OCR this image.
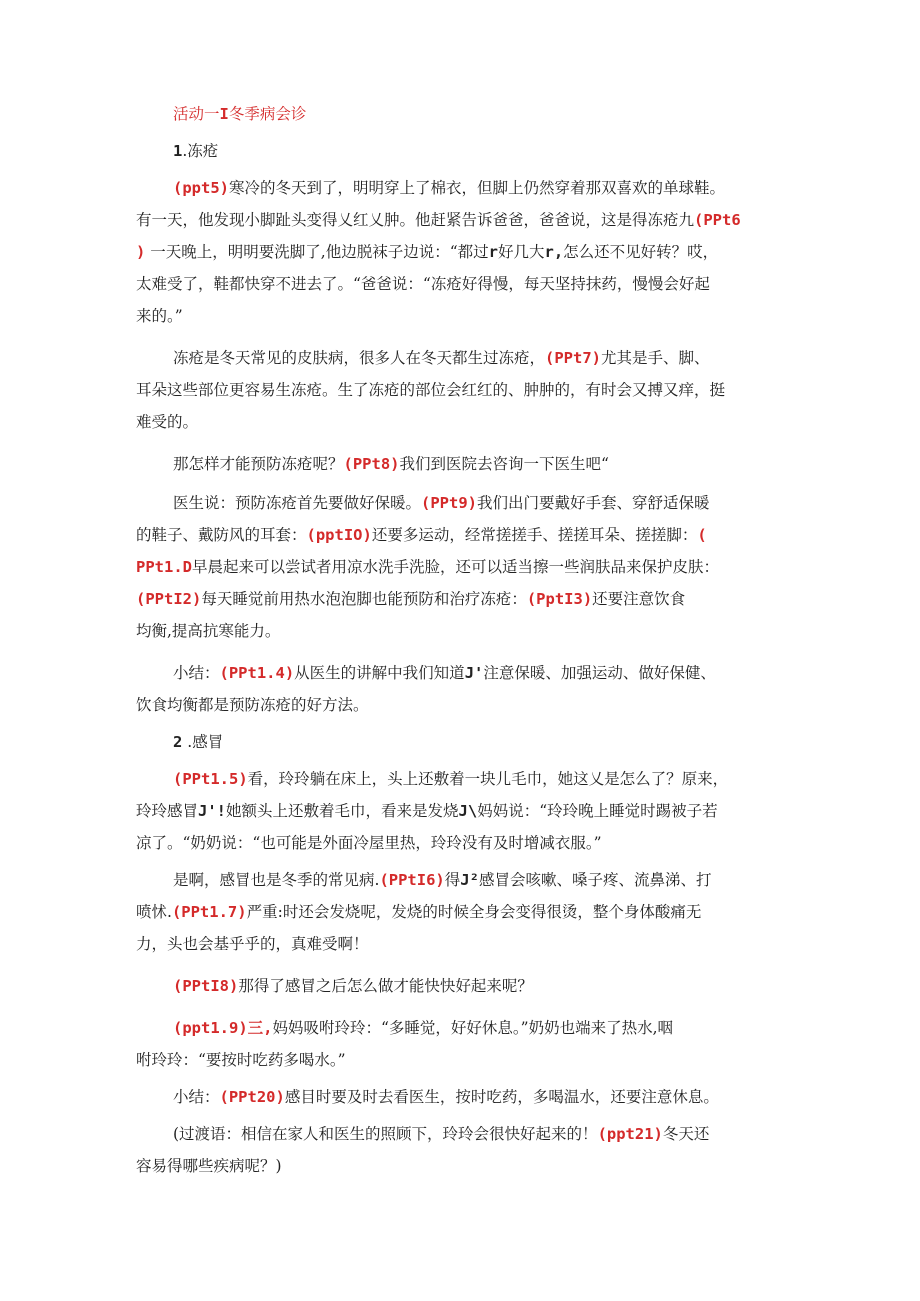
活动一I冬季病会诊

1.冻疮

(ppt5)寒冷的冬天到了，明明穿上了棉衣，但脚上仍然穿着那双喜欢的单球鞋。

有一天，他发现小脚趾头变得乂红乂肿。他赶紧告诉爸爸，爸爸说，这是得冻疮九(PPt6

) 一天晚上，明明要洗脚了,他边脱袜子边说：“都过r好几大r,怎么还不见好转？哎，

太难受了，鞋都快穿不进去了。“爸爸说：“冻疮好得慢，每天坚持抹药，慢慢会好起

来的。”

冻疮是冬天常见的皮肤病，很多人在冬天都生过冻疮，(PPt7)尤其是手、脚、

耳朵这些部位更容易生冻疮。生了冻疮的部位会红红的、肿肿的，有时会又搏又痒，挺

难受的。

那怎样才能预防冻疮呢？(PPt8)我们到医院去咨询一下医生吧“

医生说：预防冻疮首先要做好保暖。(PPt9)我们出门要戴好手套、穿舒适保暖

的鞋子、戴防风的耳套：(pptIO)还要多运动，经常搓搓手、搓搓耳朵、搓搓脚：(

PPt1.D早晨起来可以尝试者用凉水洗手洗脸，还可以适当擦一些润肤品来保护皮肤：

(PPtI2)每天睡觉前用热水泡泡脚也能预防和治疗冻疮：(PptI3)还要注意饮食

均衡,提高抗寒能力。

小结：(PPt1.4)从医生的讲解中我们知道J'注意保暖、加强运动、做好保健、

饮食均衡都是预防冻疮的好方法。

2 .感冒

(PPt1.5)看，玲玲躺在床上，头上还敷着一块儿毛巾，她这乂是怎么了？原来，

玲玲感冒J'!她额头上还敷着毛巾，看来是发烧J\妈妈说：“玲玲晚上睡觉时踢被子若

凉了。“奶奶说：“也可能是外面冷屋里热，玲玲没有及时增减衣服。”

是啊，感冒也是冬季的常见病.(PPtI6)得J²感冒会咳嗽、嗓子疼、流鼻涕、打

喷怵.(PPt1.7)严重:时还会发烧呢，发烧的时候全身会变得很烫，整个身体酸痛无

力，头也会基乎乎的，真难受啊！

(PPtI8)那得了感冒之后怎么做才能快快好起来呢？

(ppt1.9)三,妈妈吸咐玲玲：“多睡觉，好好休息。”奶奶也端来了热水,咽

咐玲玲：“要按时吃药多喝水。”

小结：(PPt20)感目时要及时去看医生，按时吃药，多喝温水，还要注意休息。

(过渡语：相信在家人和医生的照顾下，玲玲会很快好起来的！(ppt21)冬天还

容易得哪些疾病呢？)
